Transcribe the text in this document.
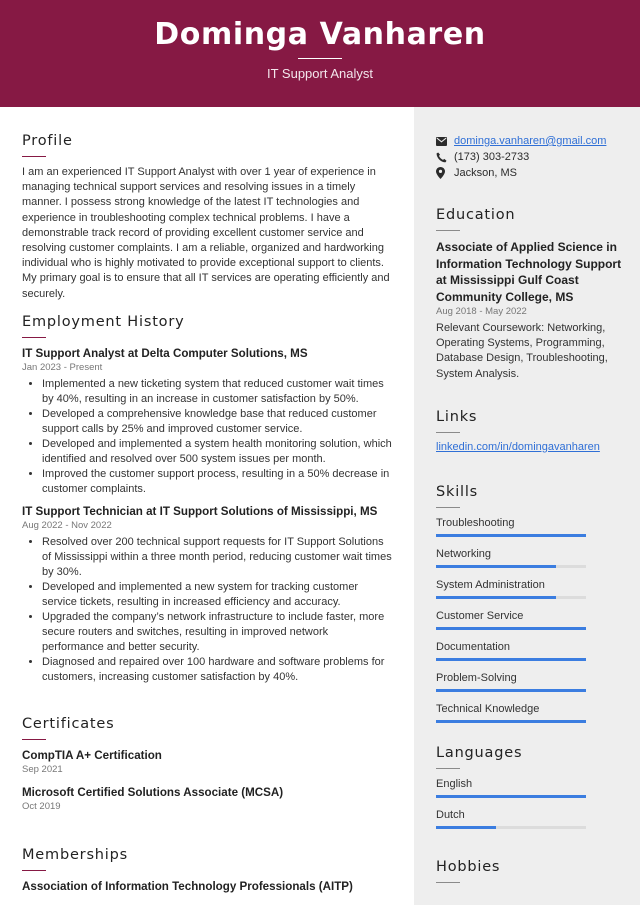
Dominga Vanharen
IT Support Analyst
Profile

I am an experienced IT Support Analyst with over 1 year of experience in managing technical support services and resolving issues in a timely manner. I possess strong knowledge of the latest IT technologies and experience in troubleshooting complex technical problems. I have a demonstrable track record of providing excellent customer service and resolving customer complaints. I am a reliable, organized and hardworking individual who is highly motivated to provide exceptional support to clients. My primary goal is to ensure that all IT services are operating efficiently and securely.

Employment History
IT Support Analyst at Delta Computer Solutions, MS
Jan 2023 - Present
• Implemented a new ticketing system that reduced customer wait times by 40%, resulting in an increase in customer satisfaction by 50%.
• Developed a comprehensive knowledge base that reduced customer support calls by 25% and improved customer service.
• Developed and implemented a system health monitoring solution, which identified and resolved over 500 system issues per month.
• Improved the customer support process, resulting in a 50% decrease in customer complaints.
IT Support Technician at IT Support Solutions of Mississippi, MS
Aug 2022 - Nov 2022
• Resolved over 200 technical support requests for IT Support Solutions of Mississippi within a three month period, reducing customer wait times by 30%.
• Developed and implemented a new system for tracking customer service tickets, resulting in increased efficiency and accuracy.
• Upgraded the company’s network infrastructure to include faster, more secure routers and switches, resulting in improved network performance and better security.
• Diagnosed and repaired over 100 hardware and software problems for customers, increasing customer satisfaction by 40%.
Certificates
CompTIA A+ Certification
Sep 2021
Microsoft Certified Solutions Associate (MCSA)
Oct 2019
Memberships
Association of Information Technology Professionals (AITP)
dominga.vanharen@gmail.com
(173) 303-2733
Jackson, MS
Education
Associate of Applied Science in Information Technology Support at Mississippi Gulf Coast Community College, MS
Aug 2018 - May 2022

Relevant Coursework: Networking, Operating Systems, Programming, Database Design, Troubleshooting, System Analysis.

Links
linkedin.com/in/domingavanharen
Skills
Troubleshooting
Networking
System Administration
Customer Service
Documentation
Problem-Solving
Technical Knowledge
Languages
English
Dutch
Hobbies
